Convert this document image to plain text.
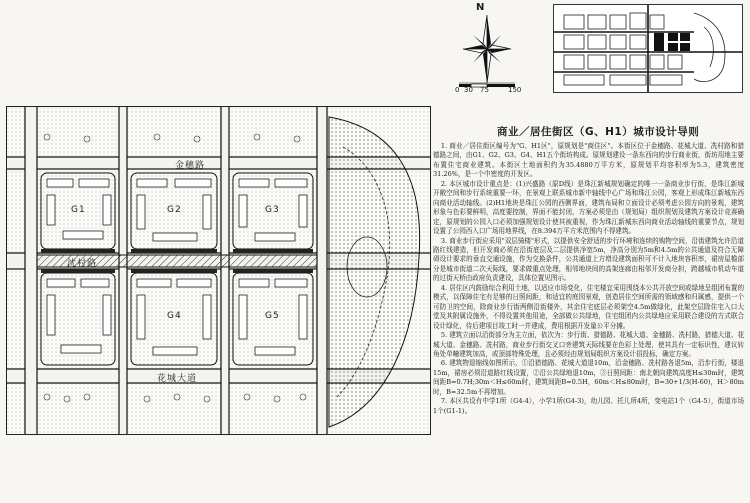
N
0 30 75	150
G1	G2	G3
G4	G5
金穗路
沈村路
花城大道
商业／居住街区（G、H1）城市设计导则

1. 商业／居住街区编号为"G、H1区"，原规划是"商住区"。本街区位于金穗路、花城大道、冼村路和猎德路之间，由G1、G2、G3、G4、H1五个街坊构成。原规划建设一条东西向的步行商业街，街坊用地主要布置住宅商业建筑。本街区土地面积约为35.4880万平方米，原规划平均容积率为5.3，建筑密度31.26%，是一个中密度的开发区。

2. 本区城市设计重点是：(1)兴盛路（原D线）是珠江新城规划确定的唯一一条商业步行街，是珠江新城开敞空间和步行系统重要一环，在景观上联系城市新中轴线中心广场和珠江公园，客观上形成珠江新城东西向商业活动轴线。(2)H1地块是珠江公园的西侧界面，建筑布局和立面设计必须考虑公园方向的景观，建筑形象与色彩要鲜明，高度要控制，界面不能封闭，方案必须是由（规划局）组织规划及建筑方案设计竞赛确定，原规划的公园入口必须加强规划设计使其被重视，作为珠江新城东西向商业活动轴线的重要节点，规划设置了公园西入口广场用地界线，在8.394万平方米范围内不得建筑。

3. 商业步行街应采用"双层骑楼"形式，以提供安全舒适的步行环境和连续的购物空间，沿街建筑允许沿道路红线建造，但开发商必须在沿街底层及二层提供净宽5m，净高分别为5m和4.5m的公共通道及符合无障碍设计要求的垂直交通设施，作为交换条件，公共通道上方增设建筑面积可不计入地块容积率，裙房屋檐部分是城市街道二次天际线，要求做重点处理，相邻地块间的高架连廊由相邻开发商分担，跨越城市机动车道的过街天桥由政府负责建设，具体位置见图示。

4. 居住区内鼓励综合利用土地，以适应市场变化，住宅楼宜采用围绕本公共开放空间或绿地呈组团布置的模式，以保障住宅有足够的日照间距，和适宜的庭园景观，创造居住空间所需的领域感和归属感，提供一个可防卫的空间，除商业步行街两侧沿街楼外，其余住宅底层必须架空4.5m做绿化，此架空层除住宅入口大堂及其附属设施外，不得设置其他用途，全部做公共绿地，住宅组团内公共绿地应采用联合建设的方式联合设计绿化，待后建项目竣工时一并建成，费用根据开发量公平分摊。

5. 建筑立面以沿街部分为主立面，依次为：步行街、猎德路、花城大道、金穗路、冼村路，猎德大道、花城大道、金穗路、冼村路，商业步行街交叉口旁建筑天际线要在色彩上处理，使其具有一定标识性，建议转角处单幢建筑加高，或顶部特殊处理，且必须经由规划局组织方案设计招投标，确定方案。

6. 建筑物退缩线如图所示，①沿猎德路、花城大道退10m，沿金穗路、冼村路各退5m，沿步行街，楼退15m，裙房必须沿道路红线设置，②沿公共绿地退10m，③日照间距：南北朝向建筑高度H≤30m时，建筑间距B=0.7H;30m＜H≤60m时，建筑间距B=0.5H，60m＜H≤80m时，B=30+1/3(H-60)，H＞80m时，B=32.5m不再增加。

7. 本区共设有中学1所（G4-4），小学1所(G4-3)，幼儿园、托儿所4所，变电站1个（G4-5），街道市场1个(G1-1)。
